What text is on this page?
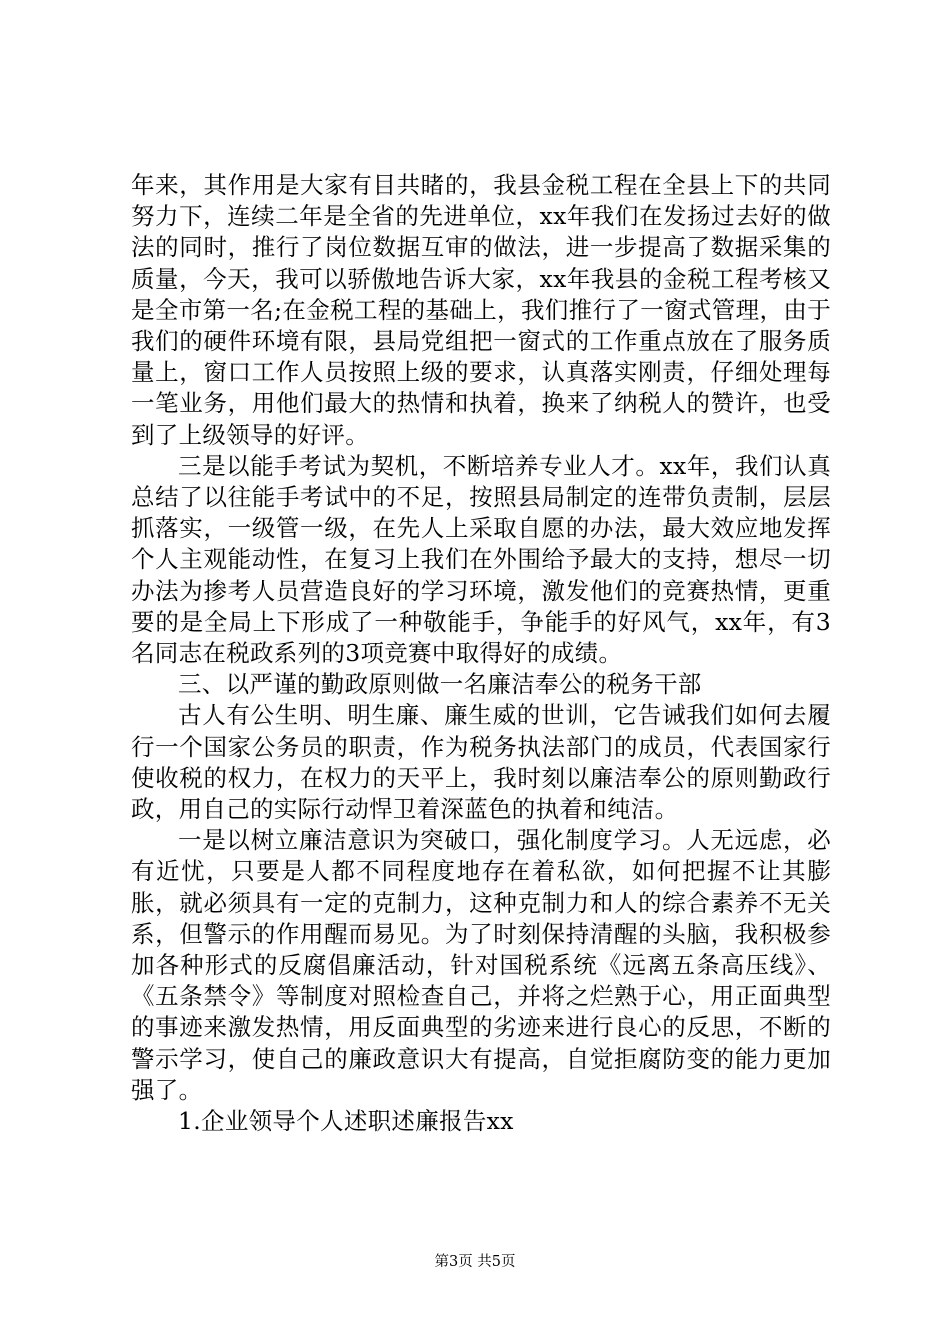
年来，其作用是大家有目共睹的，我县金税工程在全县上下的共同努力下，连续二年是全省的先进单位，xx年我们在发扬过去好的做法的同时，推行了岗位数据互审的做法，进一步提高了数据采集的质量，今天，我可以骄傲地告诉大家，xx年我县的金税工程考核又是全市第一名;在金税工程的基础上，我们推行了一窗式管理，由于我们的硬件环境有限，县局党组把一窗式的工作重点放在了服务质量上，窗口工作人员按照上级的要求，认真落实刚责，仔细处理每一笔业务，用他们最大的热情和执着，换来了纳税人的赞许，也受到了上级领导的好评。

三是以能手考试为契机，不断培养专业人才。xx年，我们认真总结了以往能手考试中的不足，按照县局制定的连带负责制，层层抓落实，一级管一级，在先人上采取自愿的办法，最大效应地发挥个人主观能动性，在复习上我们在外围给予最大的支持，想尽一切办法为掺考人员营造良好的学习环境，激发他们的竞赛热情，更重要的是全局上下形成了一种敬能手，争能手的好风气，xx年，有3名同志在税政系列的3项竞赛中取得好的成绩。

三、以严谨的勤政原则做一名廉洁奉公的税务干部

古人有公生明、明生廉、廉生威的世训，它告诫我们如何去履行一个国家公务员的职责，作为税务执法部门的成员，代表国家行使收税的权力，在权力的天平上，我时刻以廉洁奉公的原则勤政行政，用自己的实际行动悍卫着深蓝色的执着和纯洁。

一是以树立廉洁意识为突破口，强化制度学习。人无远虑，必有近忧，只要是人都不同程度地存在着私欲，如何把握不让其膨胀，就必须具有一定的克制力，这种克制力和人的综合素养不无关系，但警示的作用醒而易见。为了时刻保持清醒的头脑，我积极参加各种形式的反腐倡廉活动，针对国税系统《远离五条高压线》、《五条禁令》等制度对照检查自己，并将之烂熟于心，用正面典型的事迹来激发热情，用反面典型的劣迹来进行良心的反思，不断的警示学习，使自己的廉政意识大有提高，自觉拒腐防变的能力更加强了。

1.企业领导个人述职述廉报告xx

第3页 共5页
